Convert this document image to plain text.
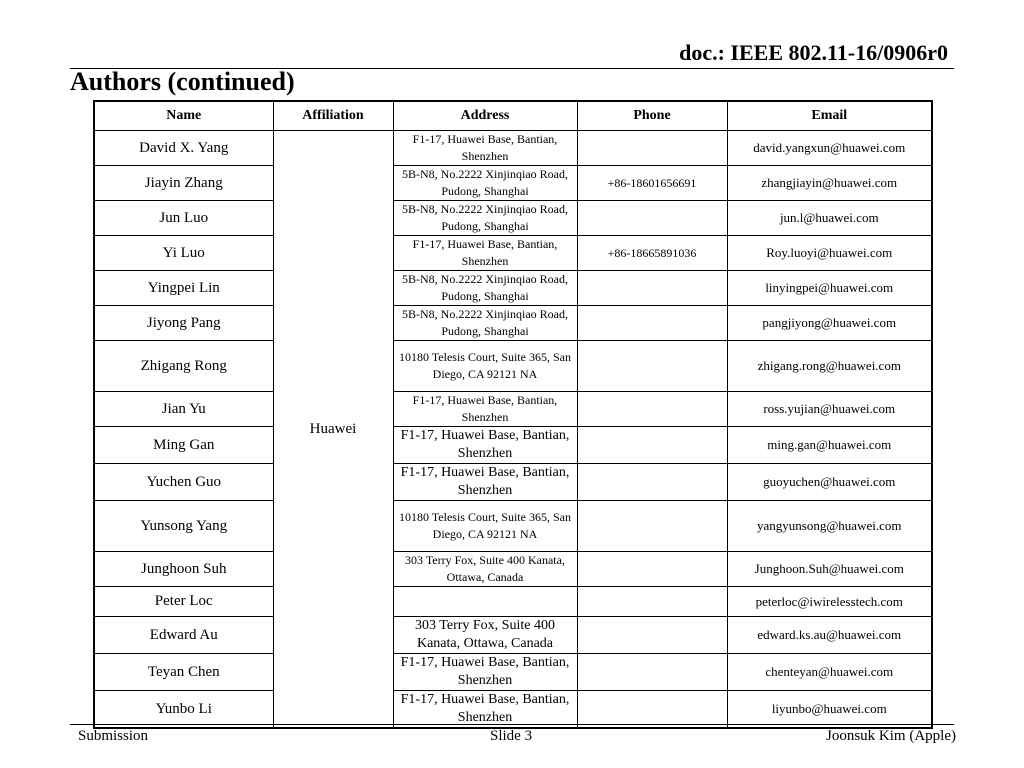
doc.: IEEE 802.11-16/0906r0
Authors (continued)
Name	Affiliation	Address	Phone	Email
David X. Yang	Huawei	F1-17, Huawei Base, Bantian, Shenzhen		david.yangxun@huawei.com
Jiayin Zhang		5B-N8, No.2222 Xinjinqiao Road, Pudong, Shanghai	+86-18601656691	zhangjiayin@huawei.com
Jun Luo		5B-N8, No.2222 Xinjinqiao Road, Pudong, Shanghai		jun.l@huawei.com
Yi Luo		F1-17, Huawei Base, Bantian, Shenzhen	+86-18665891036	Roy.luoyi@huawei.com
Yingpei Lin		5B-N8, No.2222 Xinjinqiao Road, Pudong, Shanghai		linyingpei@huawei.com
Jiyong Pang		5B-N8, No.2222 Xinjinqiao Road, Pudong, Shanghai		pangjiyong@huawei.com
Zhigang Rong		10180 Telesis Court, Suite 365, San Diego, CA 92121 NA		zhigang.rong@huawei.com
Jian Yu		F1-17, Huawei Base, Bantian, Shenzhen		ross.yujian@huawei.com
Ming Gan		F1-17, Huawei Base, Bantian, Shenzhen		ming.gan@huawei.com
Yuchen Guo		F1-17, Huawei Base, Bantian, Shenzhen		guoyuchen@huawei.com
Yunsong Yang		10180 Telesis Court, Suite 365, San Diego, CA 92121 NA		yangyunsong@huawei.com
Junghoon Suh		303 Terry Fox, Suite 400 Kanata, Ottawa, Canada		Junghoon.Suh@huawei.com
Peter Loc				peterloc@iwirelesstech.com
Edward Au		303 Terry Fox, Suite 400 Kanata, Ottawa, Canada		edward.ks.au@huawei.com
Teyan Chen		F1-17, Huawei Base, Bantian, Shenzhen		chenteyan@huawei.com
Yunbo Li		F1-17, Huawei Base, Bantian, Shenzhen		liyunbo@huawei.com
Submission	Slide 3	Joonsuk Kim (Apple)
